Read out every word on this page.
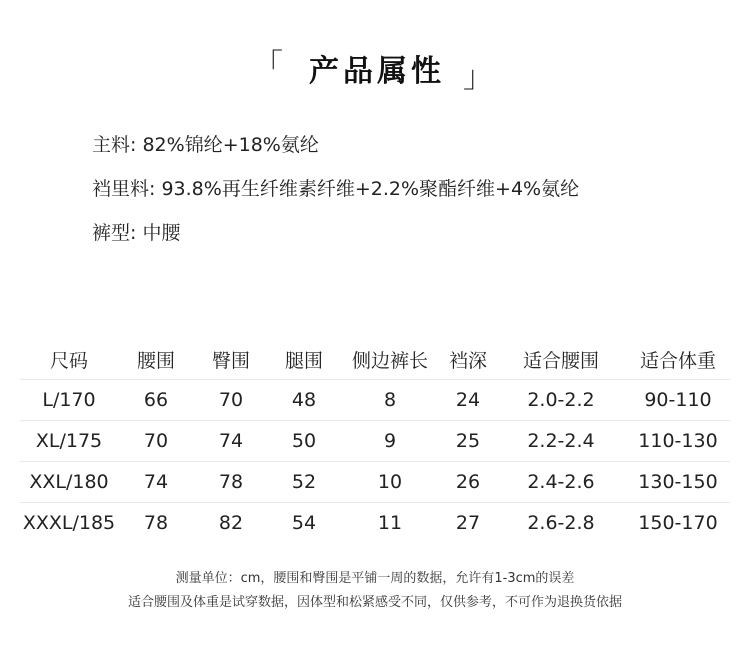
「 产品属性 」
主料: 82%锦纶+18%氨纶
裆里料: 93.8%再生纤维素纤维+2.2%聚酯纤维+4%氨纶
裤型: 中腰
尺码	腰围	臀围	腿围	侧边裤长	裆深	适合腰围	适合体重
L/170	66	70	48	8	24	2.0-2.2	90-110
XL/175	70	74	50	9	25	2.2-2.4	110-130
XXL/180	74	78	52	10	26	2.4-2.6	130-150
XXXL/185	78	82	54	11	27	2.6-2.8	150-170
测量单位：cm，腰围和臀围是平铺一周的数据，允许有1-3cm的误差
适合腰围及体重是试穿数据，因体型和松紧感受不同，仅供参考，不可作为退换货依据
